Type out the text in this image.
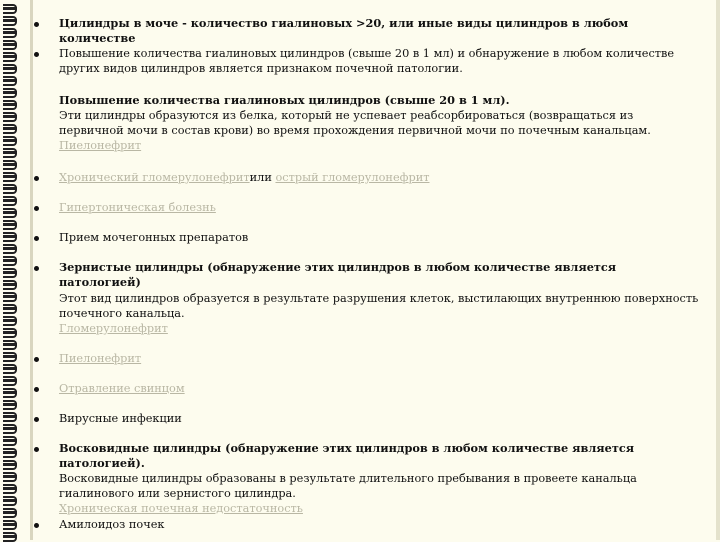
Цилиндры в моче - количество гиалиновых >20, или иные виды цилиндров в любом количестве
Повышение количества гиалиновых цилиндров (свыше 20 в 1 мл) и обнаружение в любом количестве других видов цилиндров является признаком почечной патологии.
Повышение количества гиалиновых цилиндров (свыше 20 в 1 мл).
Эти цилиндры образуются из белка, который не успевает реабсорбироваться (возвращаться из первичной мочи в состав крови) во время прохождения первичной мочи по почечным канальцам.
Пиелонефрит
Хронический гломерулонефритили острый гломерулонефрит
Гипертоническая болезнь
Прием мочегонных препаратов
Зернистые цилиндры (обнаружение этих цилиндров в любом количестве является патологией)
Этот вид цилиндров образуется в результате разрушения клеток, выстилающих внутреннюю поверхность почечного канальца.
Гломерулонефрит
Пиелонефрит
Отравление свинцом
Вирусные инфекции
Восковидные цилиндры (обнаружение этих цилиндров в любом количестве является патологией).
Восковидные цилиндры образованы в результате длительного пребывания в провеете канальца гиалинового или зернистого цилиндра.
Хроническая почечная недостаточность
Амилоидоз почек
